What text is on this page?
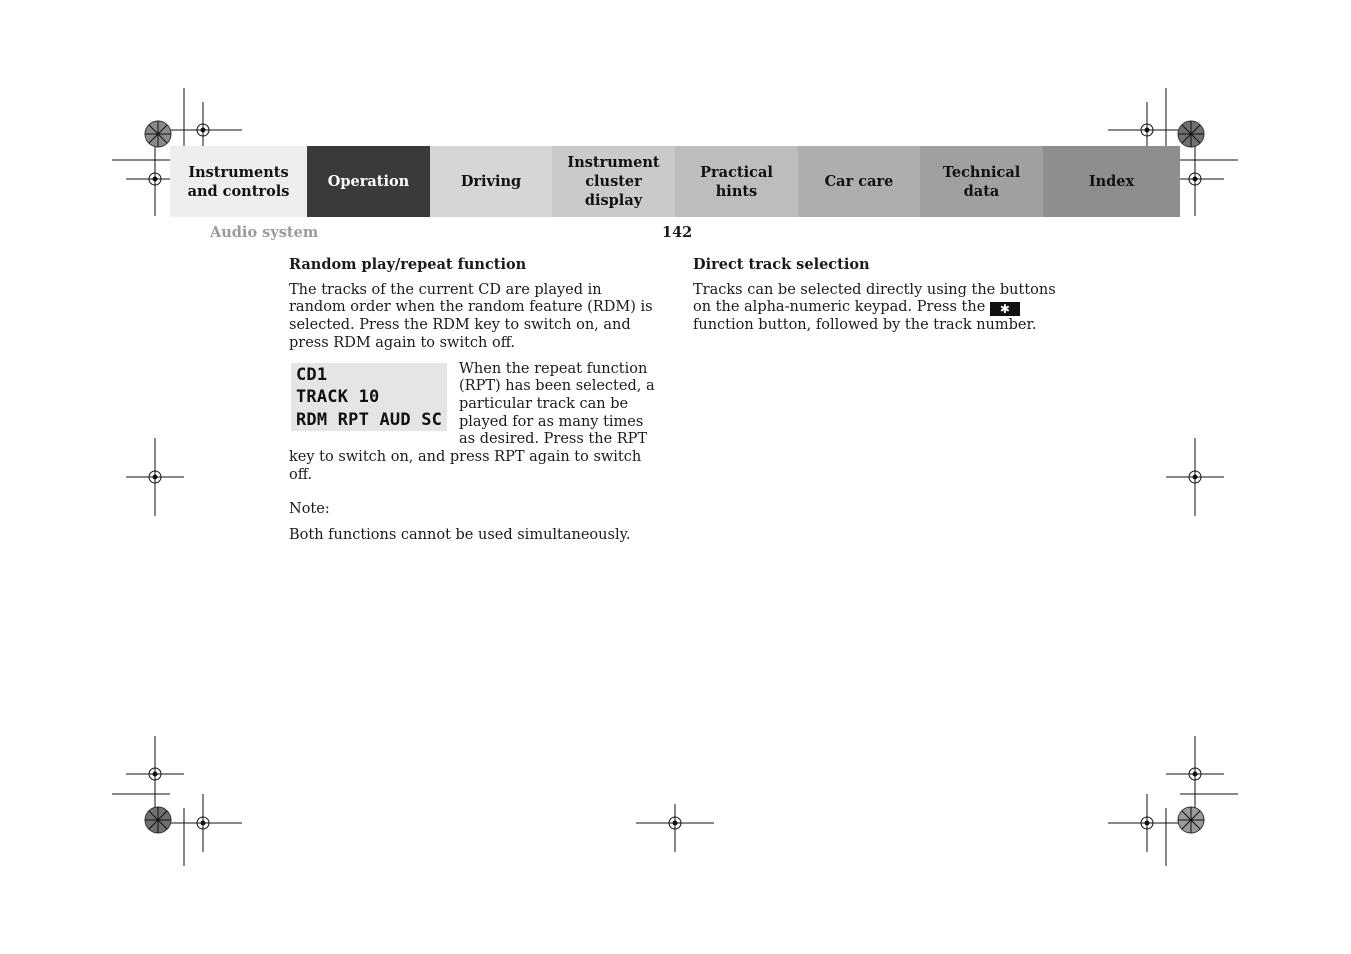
Instruments
and controls
Operation	Driving
Instrument
cluster display
Practical hints
Car care
Technical
data
Index
Audio system	142

Random play/repeat function

The tracks of the current CD are played in random order when the random feature (RDM) is selected. Press the RDM key to switch on, and press RDM again to switch off.

CD1
TRACK 10
RDM RPT AUD SC
When the repeat function (RPT) has been selected, a particular track can be played for as many times as desired. Press the RPT key to switch on, and press RPT again to switch off.

Note:

Both functions cannot be used simultaneously.

Direct track selection

Tracks can be selected directly using the buttons on the alpha-numeric keypad. Press the ✱ function button, followed by the track number.
